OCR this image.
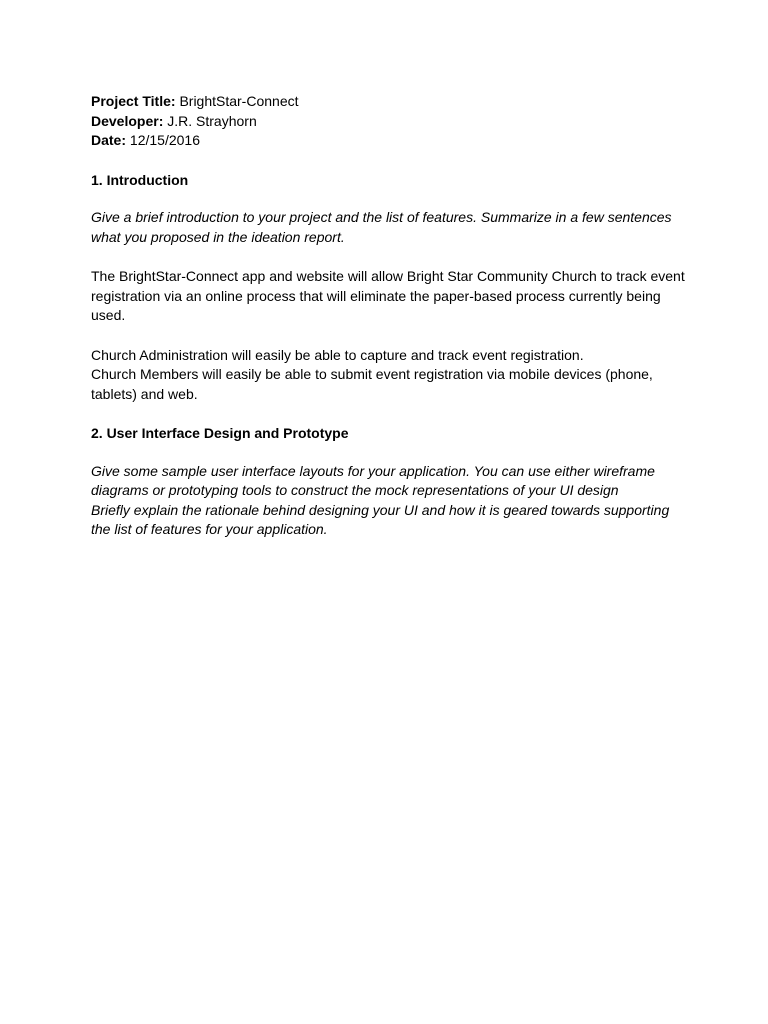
Project Title: BrightStar-Connect
Developer: J.R. Strayhorn
Date: 12/15/2016
1. Introduction

Give a brief introduction to your project and the list of features. Summarize in a few sentences
what you proposed in the ideation report.

The BrightStar-Connect app and website will allow Bright Star Community Church to track event
registration via an online process that will eliminate the paper-based process currently being
used.

Church Administration will easily be able to capture and track event registration.
Church Members will easily be able to submit event registration via mobile devices (phone,
tablets) and web.

2. User Interface Design and Prototype

Give some sample user interface layouts for your application. You can use either wireframe
diagrams or prototyping tools to construct the mock representations of your UI design
Briefly explain the rationale behind designing your UI and how it is geared towards supporting
the list of features for your application.
